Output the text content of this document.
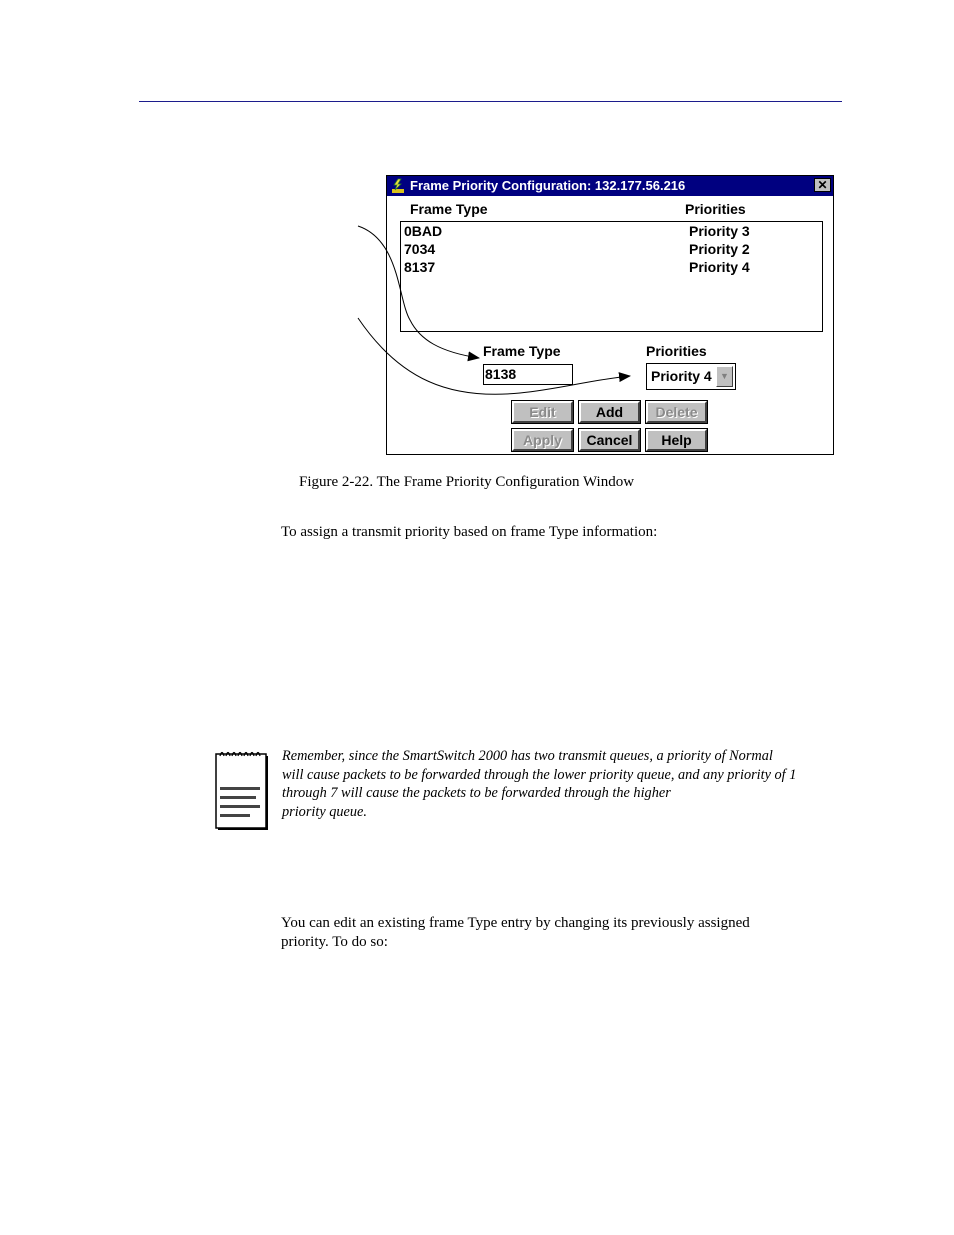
Frame Priority Configuration: 132.177.56.216	✕
Frame Type	Priorities
0BAD	Priority 3
7034	Priority 2
8137	Priority 4
Frame Type
8138
Priorities
Priority 4 ▼
Edit	Add	Delete
Apply	Cancel	Help
Figure 2-22. The Frame Priority Configuration Window
To assign a transmit priority based on frame Type information:
Remember, since the SmartSwitch 2000 has two transmit queues, a priority of Normal
will cause packets to be forwarded through the lower priority queue, and any priority of 1
through 7 will cause the packets to be forwarded through the higher
priority queue.
You can edit an existing frame Type entry by changing its previously assigned
priority. To do so:
